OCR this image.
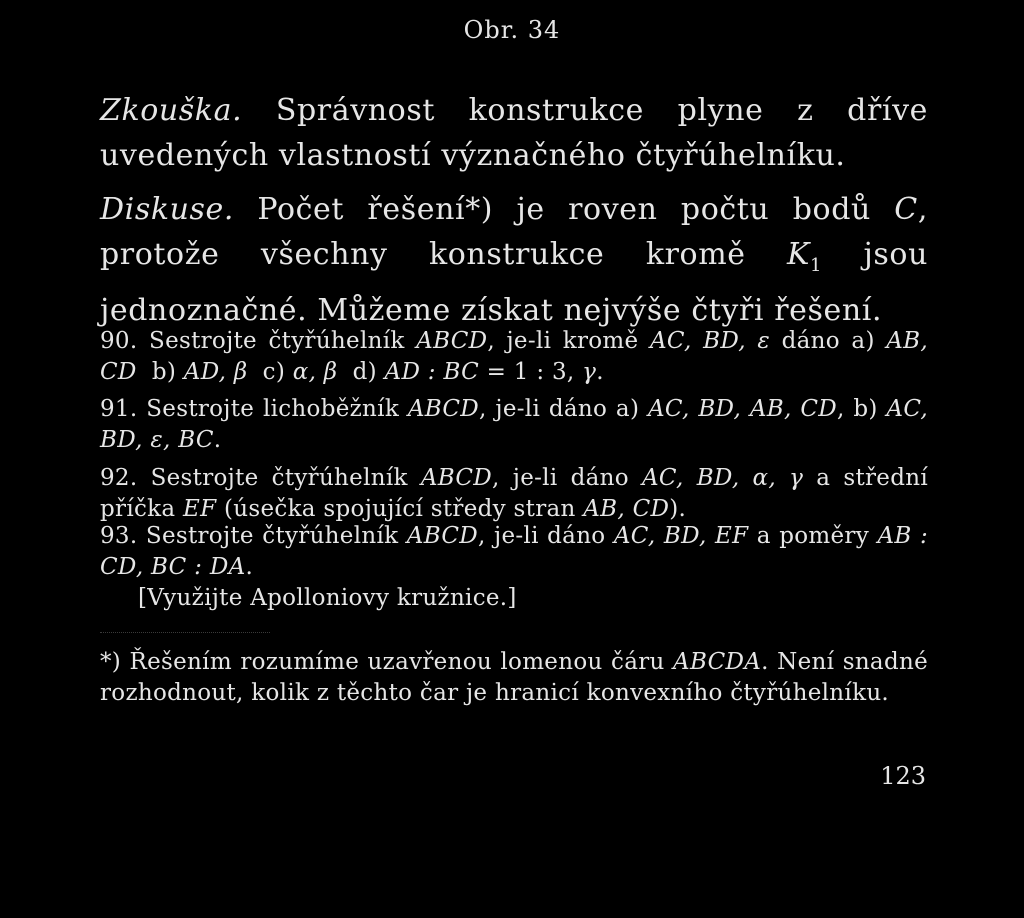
Obr. 34

Zkouška. Správnost konstrukce plyne z dříve uvedených vlastností význačného čtyřúhelníku.

Diskuse. Počet řešení*) je roven počtu bodů C, protože všechny konstrukce kromě $K_1$ jsou jednoznačné. Můžeme získat nejvýše čtyři řešení.

90. Sestrojte čtyřúhelník ABCD, je-li kromě AC, BD, ε dáno a) AB, CD  b) AD, β  c) α, β  d) AD : BC = 1 : 3, γ.
91. Sestrojte lichoběžník ABCD, je-li dáno a) AC, BD, AB, CD, b) AC, BD, ε, BC.
92. Sestrojte čtyřúhelník ABCD, je-li dáno AC, BD, α, γ a střední příčka EF (úsečka spojující středy stran AB, CD).
93. Sestrojte čtyřúhelník ABCD, je-li dáno AC, BD, EF a poměry AB : CD, BC : DA.
[Využijte Apolloniovy kružnice.]
*) Řešením rozumíme uzavřenou lomenou čáru ABCDA. Není snadné rozhodnout, kolik z těchto čar je hranicí konvexního čtyřúhelníku.
123
